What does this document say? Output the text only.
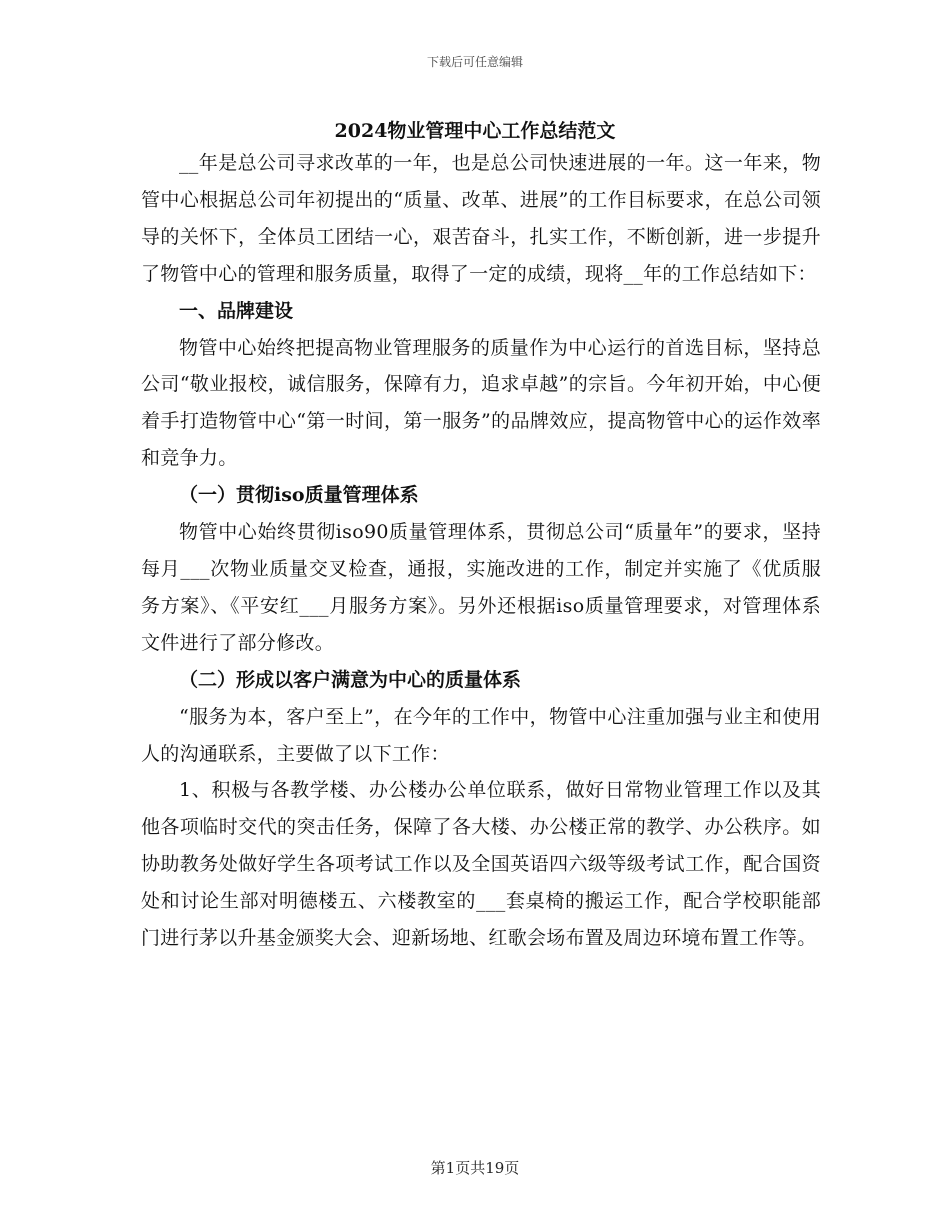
下载后可任意编辑

2024物业管理中心工作总结范文

__年是总公司寻求改革的一年，也是总公司快速进展的一年。这一年来，物管中心根据总公司年初提出的“质量、改革、进展”的工作目标要求，在总公司领导的关怀下，全体员工团结一心，艰苦奋斗，扎实工作，不断创新，进一步提升了物管中心的管理和服务质量，取得了一定的成绩，现将__年的工作总结如下：

一、品牌建设

物管中心始终把提高物业管理服务的质量作为中心运行的首选目标，坚持总公司“敬业报校，诚信服务，保障有力，追求卓越”的宗旨。今年初开始，中心便着手打造物管中心“第一时间，第一服务”的品牌效应，提高物管中心的运作效率和竞争力。

（一）贯彻iso质量管理体系

物管中心始终贯彻iso90质量管理体系，贯彻总公司“质量年”的要求，坚持每月___次物业质量交叉检查，通报，实施改进的工作，制定并实施了《优质服务方案》、《平安红___月服务方案》。另外还根据iso质量管理要求，对管理体系文件进行了部分修改。

（二）形成以客户满意为中心的质量体系

“服务为本，客户至上”，在今年的工作中，物管中心注重加强与业主和使用人的沟通联系，主要做了以下工作：

1、积极与各教学楼、办公楼办公单位联系，做好日常物业管理工作以及其他各项临时交代的突击任务，保障了各大楼、办公楼正常的教学、办公秩序。如协助教务处做好学生各项考试工作以及全国英语四六级等级考试工作，配合国资处和讨论生部对明德楼五、六楼教室的___套桌椅的搬运工作，配合学校职能部门进行茅以升基金颁奖大会、迎新场地、红歌会场布置及周边环境布置工作等。

第1页共19页
